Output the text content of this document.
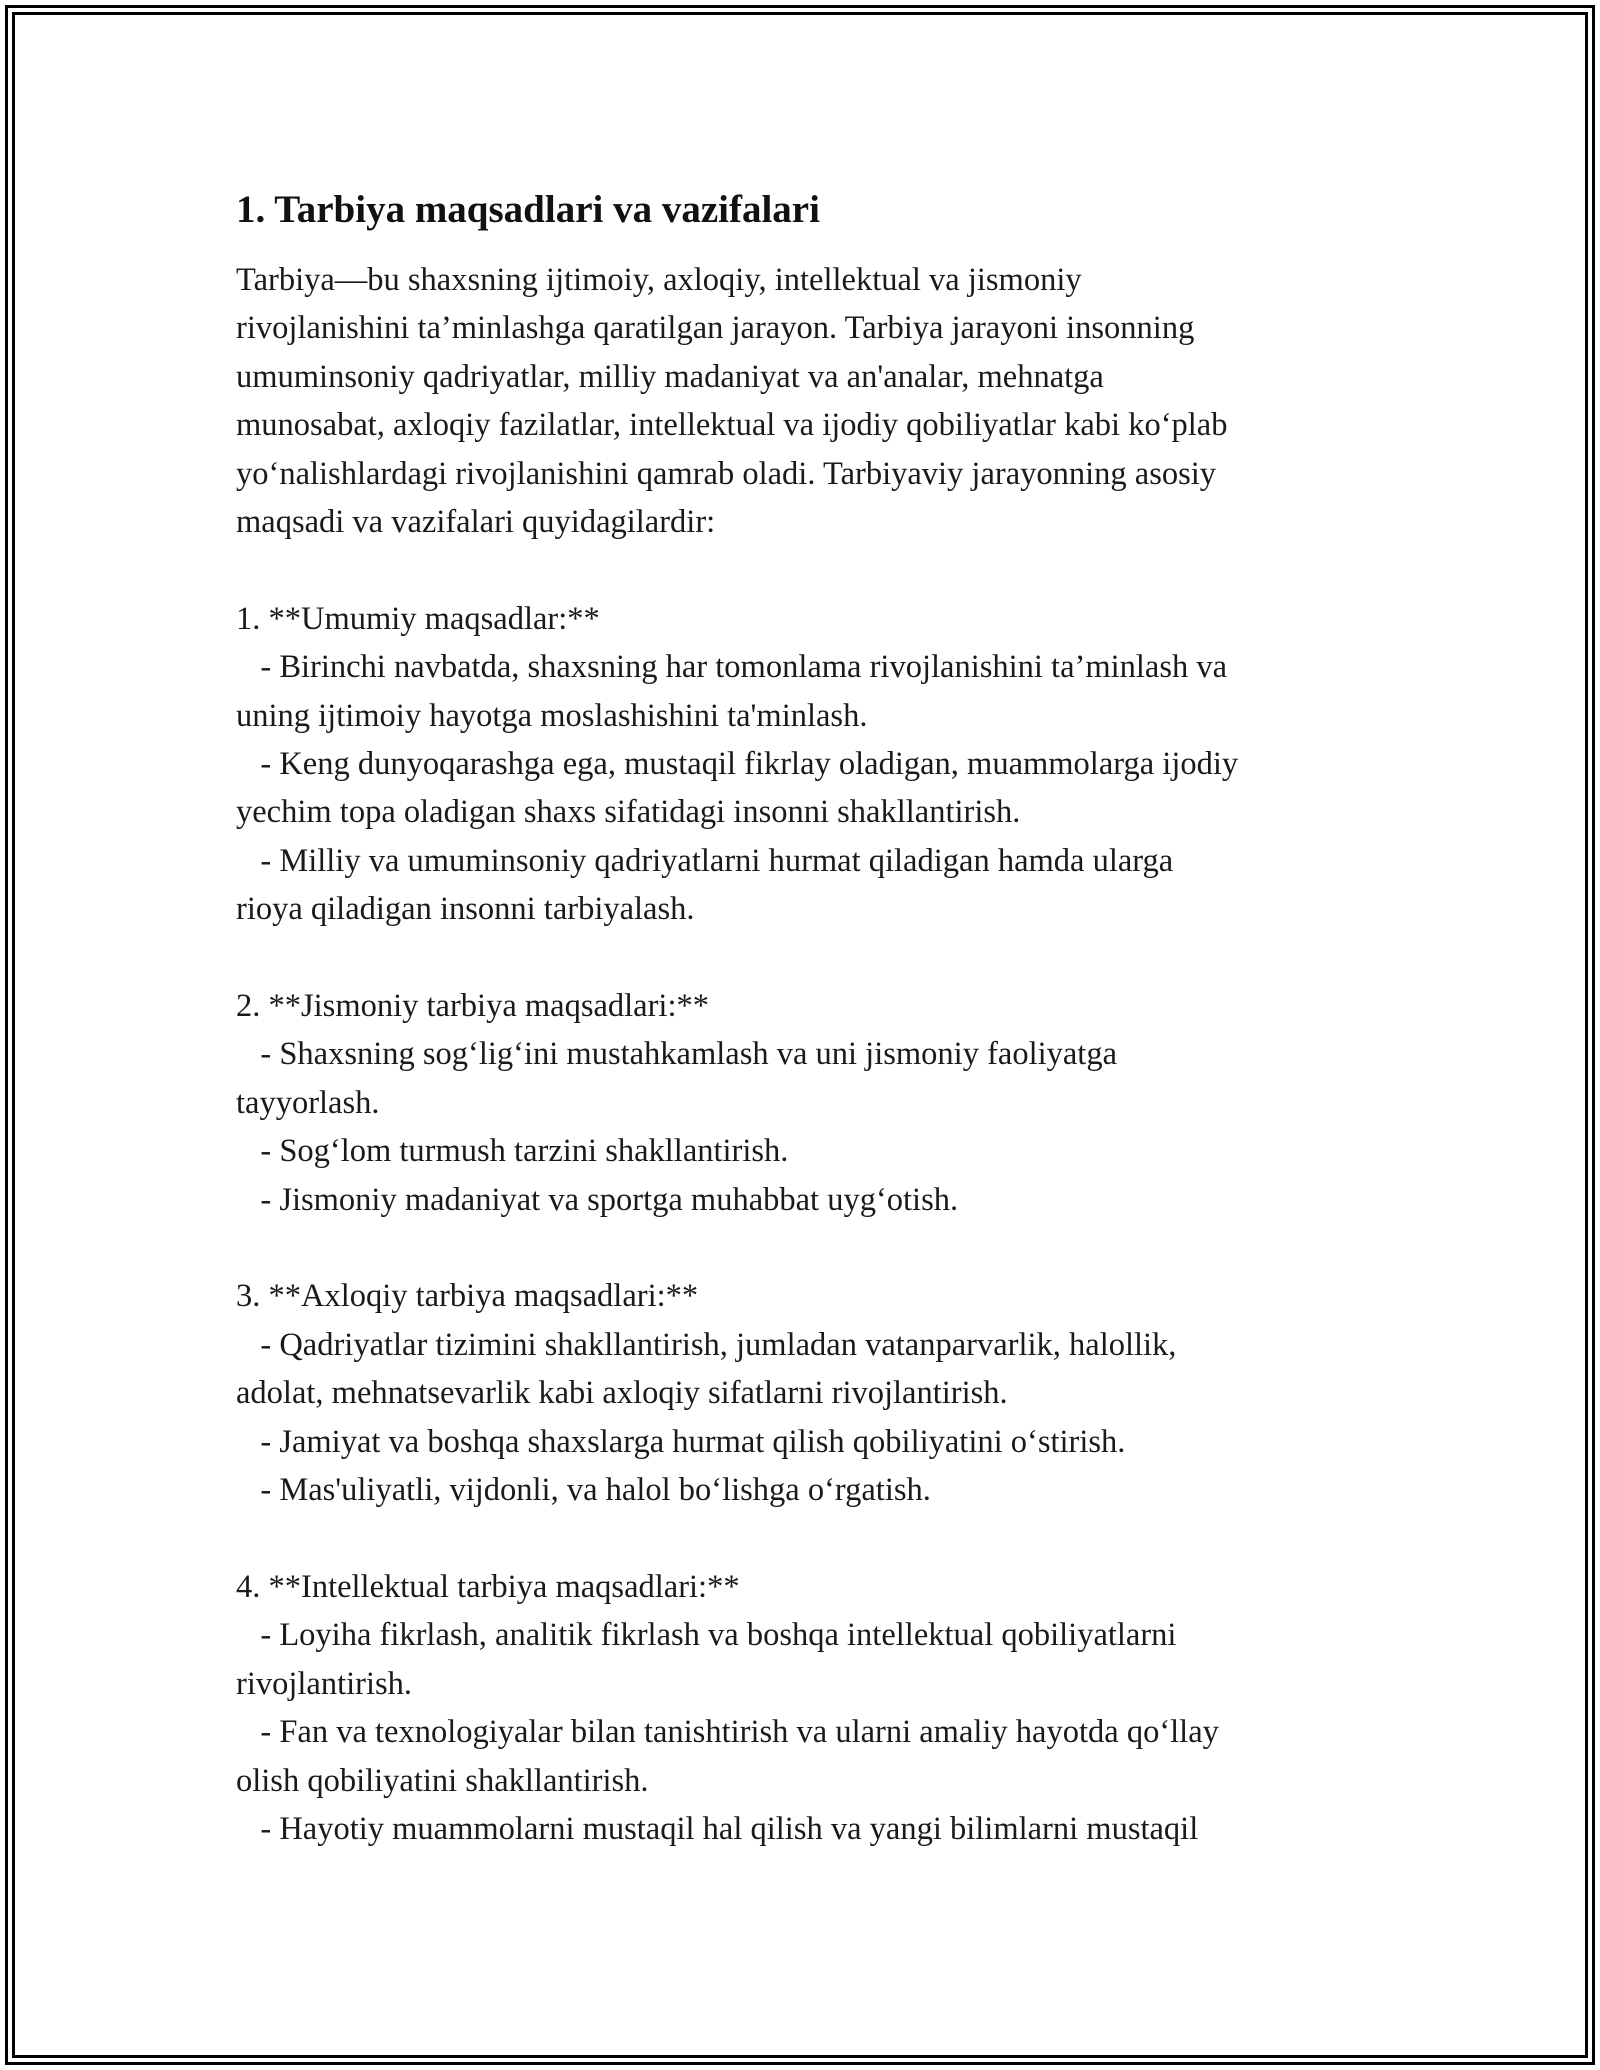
1. Tarbiya maqsadlari va vazifalari
Tarbiya—bu shaxsning ijtimoiy, axloqiy, intellektual va jismoniy
rivojlanishini ta’minlashga qaratilgan jarayon. Tarbiya jarayoni insonning
umuminsoniy qadriyatlar, milliy madaniyat va an'analar, mehnatga
munosabat, axloqiy fazilatlar, intellektual va ijodiy qobiliyatlar kabi ko‘plab
yo‘nalishlardagi rivojlanishini qamrab oladi. Tarbiyaviy jarayonning asosiy
maqsadi va vazifalari quyidagilardir:
1. **Umumiy maqsadlar:**
- Birinchi navbatda, shaxsning har tomonlama rivojlanishini ta’minlash va
uning ijtimoiy hayotga moslashishini ta'minlash.
- Keng dunyoqarashga ega, mustaqil fikrlay oladigan, muammolarga ijodiy
yechim topa oladigan shaxs sifatidagi insonni shakllantirish.
- Milliy va umuminsoniy qadriyatlarni hurmat qiladigan hamda ularga
rioya qiladigan insonni tarbiyalash.
2. **Jismoniy tarbiya maqsadlari:**
- Shaxsning sog‘lig‘ini mustahkamlash va uni jismoniy faoliyatga
tayyorlash.
- Sog‘lom turmush tarzini shakllantirish.
- Jismoniy madaniyat va sportga muhabbat uyg‘otish.
3. **Axloqiy tarbiya maqsadlari:**
- Qadriyatlar tizimini shakllantirish, jumladan vatanparvarlik, halollik,
adolat, mehnatsevarlik kabi axloqiy sifatlarni rivojlantirish.
- Jamiyat va boshqa shaxslarga hurmat qilish qobiliyatini o‘stirish.
- Mas'uliyatli, vijdonli, va halol bo‘lishga o‘rgatish.
4. **Intellektual tarbiya maqsadlari:**
- Loyiha fikrlash, analitik fikrlash va boshqa intellektual qobiliyatlarni
rivojlantirish.
- Fan va texnologiyalar bilan tanishtirish va ularni amaliy hayotda qo‘llay
olish qobiliyatini shakllantirish.
- Hayotiy muammolarni mustaqil hal qilish va yangi bilimlarni mustaqil
